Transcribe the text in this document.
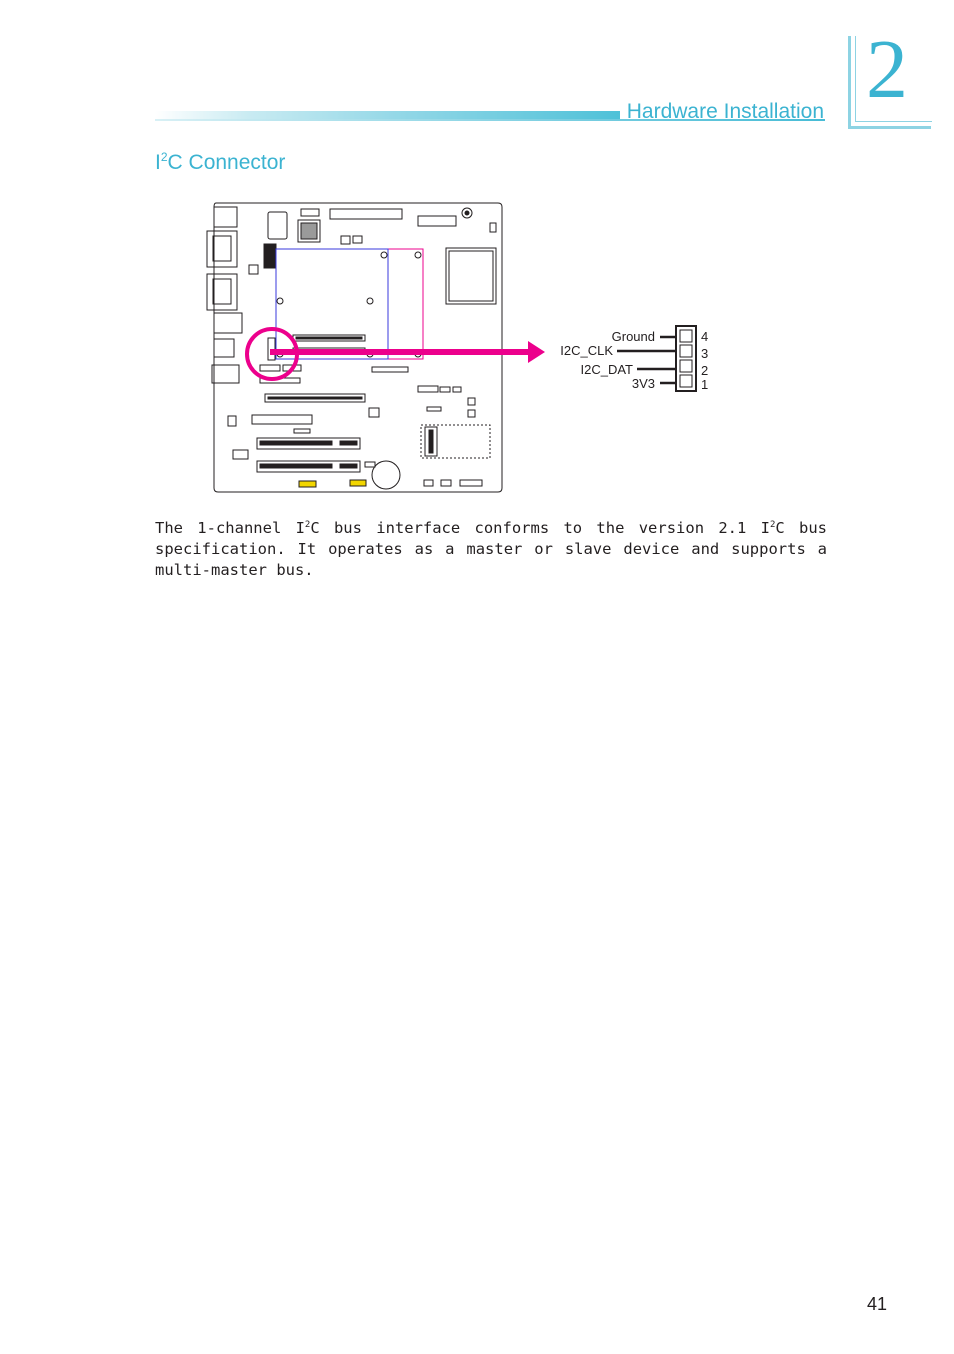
Hardware Installation 2
$I^2C$ Connector
Ground
I2C_CLK
I2C_DAT
3V3
4
3
2
1
The 1-channel $I^2C$ bus interface conforms to the version 2.1 $I^2C$ bus specification. It operates as a master or slave device and supports a multi-master bus.
41
